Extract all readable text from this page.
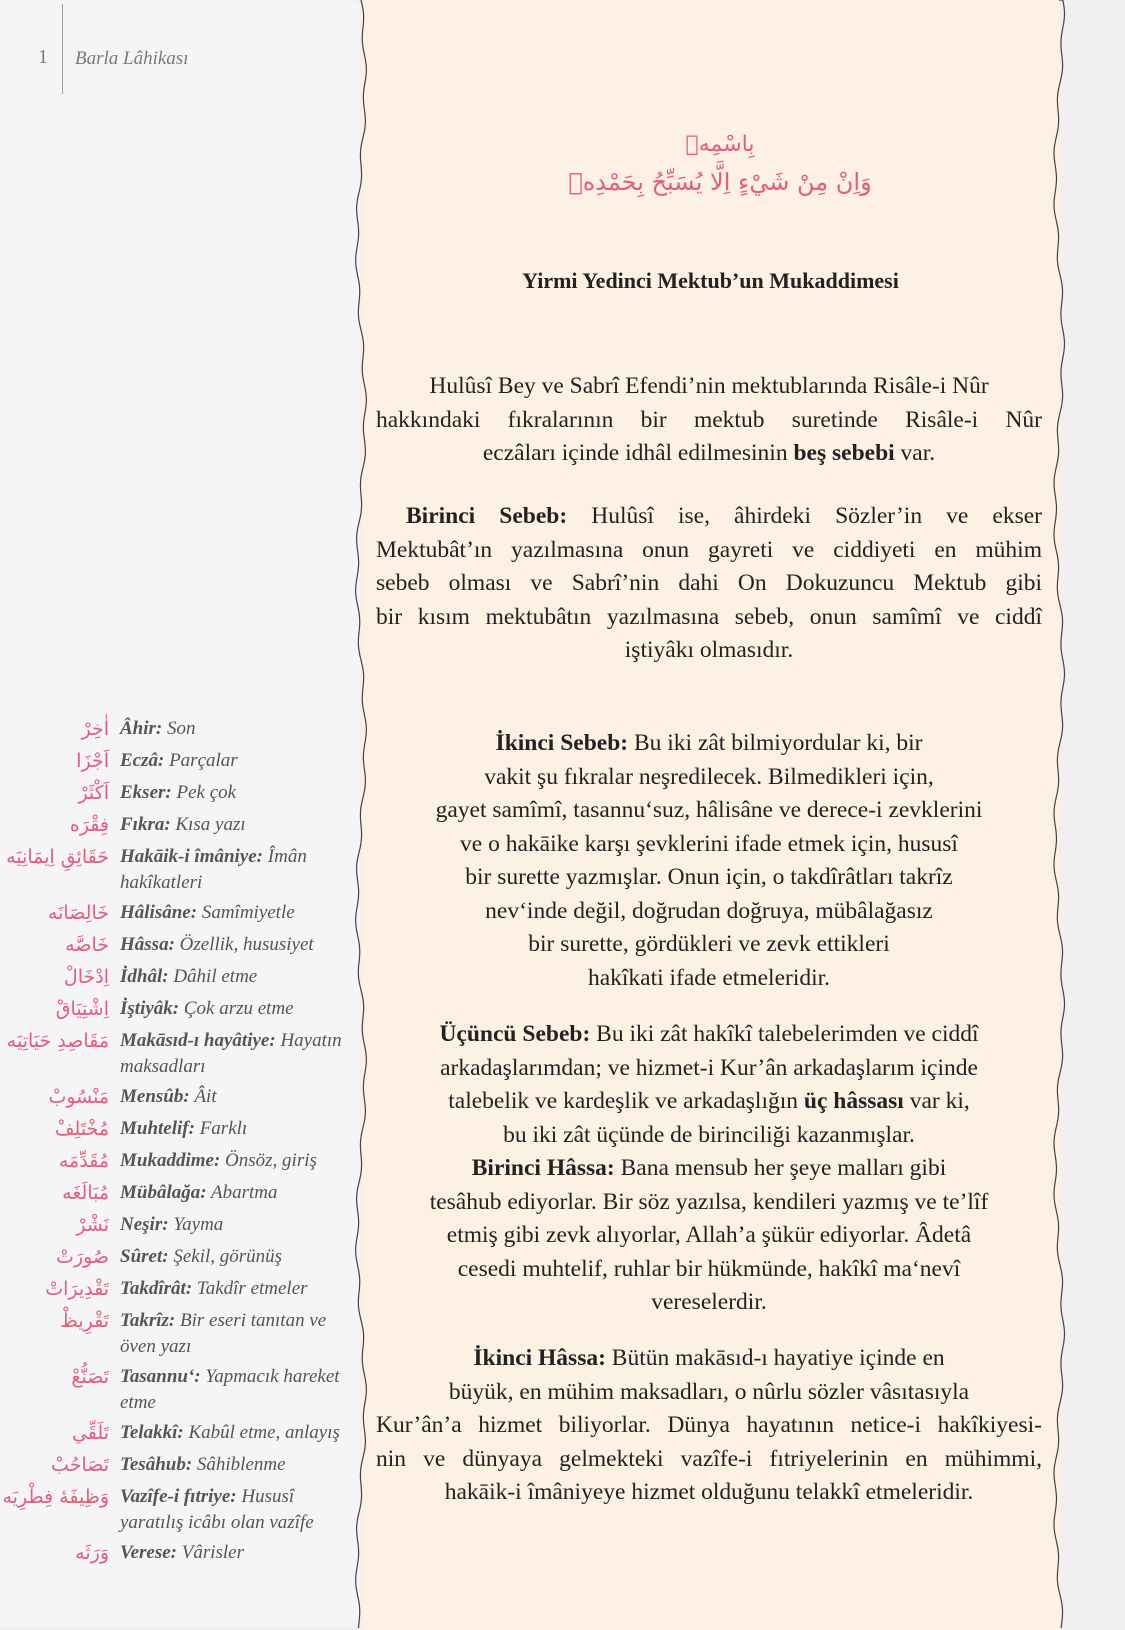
1 Barla Lâhikası
بِاسْمِهٖ
وَاِنْ مِنْ شَيْءٍ اِلَّا يُسَبِّحُ بِحَمْدِهٖ
Yirmi Yedinci Mektub’un Mukaddimesi
Hulûsî Bey ve Sabrî Efendi’nin mektublarında Risâle-i Nûr
hakkındaki fıkralarının bir mektub suretinde Risâle-i Nûr
eczâları içinde idhâl edilmesinin beş sebebi var.
Birinci Sebeb: Hulûsî ise, âhirdeki Sözler’in ve ekser
Mektubât’ın yazılmasına onun gayreti ve ciddiyeti en mühim
sebeb olması ve Sabrî’nin dahi On Dokuzuncu Mektub gibi
bir kısım mektubâtın yazılmasına sebeb, onun samîmî ve ciddî
iştiyâkı olmasıdır.
İkinci Sebeb: Bu iki zât bilmiyordular ki, bir
vakit şu fıkralar neşredilecek. Bilmedikleri için,
gayet samîmî, tasannu‘suz, hâlisâne ve derece-i zevklerini
ve o hakāike karşı şevklerini ifade etmek için, hususî
bir surette yazmışlar. Onun için, o takdîrâtları takrîz
nev‘inde değil, doğrudan doğruya, mübâlağasız
bir surette, gördükleri ve zevk ettikleri
hakîkati ifade etmeleridir.
Üçüncü Sebeb: Bu iki zât hakîkî talebelerimden ve ciddî
arkadaşlarımdan; ve hizmet-i Kur’ân arkadaşlarım içinde
talebelik ve kardeşlik ve arkadaşlığın üç hâssası var ki,
bu iki zât üçünde de birinciliği kazanmışlar.
Birinci Hâssa: Bana mensub her şeye malları gibi
tesâhub ediyorlar. Bir söz yazılsa, kendileri yazmış ve te’lîf
etmiş gibi zevk alıyorlar, Allah’a şükür ediyorlar. Âdetâ
cesedi muhtelif, ruhlar bir hükmünde, hakîkî ma‘nevî
vereselerdir.
İkinci Hâssa: Bütün makāsıd-ı hayatiye içinde en
büyük, en mühim maksadları, o nûrlu sözler vâsıtasıyla
Kur’ân’a hizmet biliyorlar. Dünya hayatının netice-i hakîkiyesi-
nin ve dünyaya gelmekteki vazîfe-i fıtriyelerinin en mühimmi,
hakāik-i îmâniyeye hizmet olduğunu telakkî etmeleridir.
اٰخِرْ Âhir: Son
اَجْزَا Eczâ: Parçalar
اَكْثَرْ Ekser: Pek çok
فِقْرَه Fıkra: Kısa yazı
حَقَائِقِ اِيمَانِيَه Hakāik-i îmâniye: Îmân hakîkatleri
خَالِصَانَه Hâlisâne: Samîmiyetle
خَاصَّه Hâssa: Özellik, hususiyet
اِدْخَالْ İdhâl: Dâhil etme
اِشْتِيَاقْ İştiyâk: Çok arzu etme
مَقَاصِدِ حَيَاتِيَه Makāsıd-ı hayâtiye: Hayatın maksadları
مَنْسُوبْ Mensûb: Âit
مُخْتَلِفْ Muhtelif: Farklı
مُقَدِّمَه Mukaddime: Önsöz, giriş
مُبَالَغَه Mübâlağa: Abartma
نَشْرْ Neşir: Yayma
صُورَتْ Sûret: Şekil, görünüş
تَقْدِيرَاتْ Takdîrât: Takdîr etmeler
تَقْرِيظْ Takrîz: Bir eseri tanıtan ve öven yazı
تَصَنُّعْ Tasannu‘: Yapmacık hareket etme
تَلَقِّي Telakkî: Kabûl etme, anlayış
تَصَاحُبْ Tesâhub: Sâhiblenme
وَظِيفَهٔ فِطْرِيَه Vazîfe-i fıtriye: Hususî yaratılış icâbı olan vazîfe
وَرَثَه Verese: Vârisler
